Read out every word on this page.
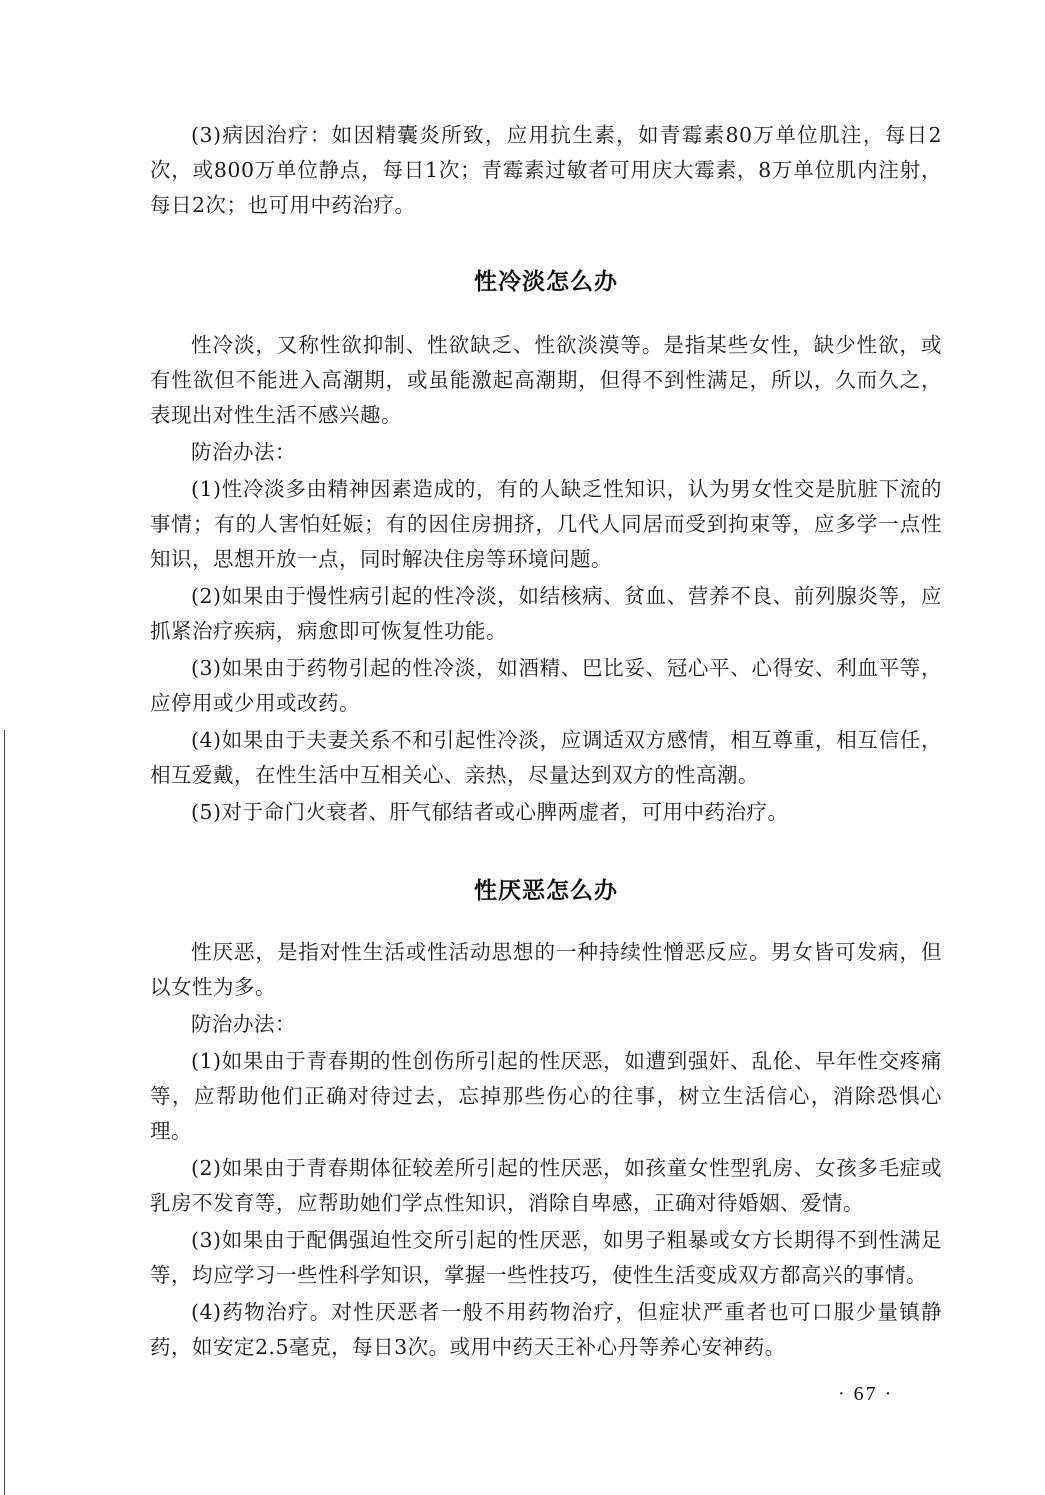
(3)病因治疗：如因精囊炎所致，应用抗生素，如青霉素80万单位肌注，每日2次，或800万单位静点，每日1次；青霉素过敏者可用庆大霉素，8万单位肌内注射，每日2次；也可用中药治疗。

性冷淡怎么办

性冷淡，又称性欲抑制、性欲缺乏、性欲淡漠等。是指某些女性，缺少性欲，或有性欲但不能进入高潮期，或虽能激起高潮期，但得不到性满足，所以，久而久之，表现出对性生活不感兴趣。

防治办法：

(1)性冷淡多由精神因素造成的，有的人缺乏性知识，认为男女性交是肮脏下流的事情；有的人害怕妊娠；有的因住房拥挤，几代人同居而受到拘束等，应多学一点性知识，思想开放一点，同时解决住房等环境问题。

(2)如果由于慢性病引起的性冷淡，如结核病、贫血、营养不良、前列腺炎等，应抓紧治疗疾病，病愈即可恢复性功能。

(3)如果由于药物引起的性冷淡，如酒精、巴比妥、冠心平、心得安、利血平等，应停用或少用或改药。

(4)如果由于夫妻关系不和引起性冷淡，应调适双方感情，相互尊重，相互信任，相互爱戴，在性生活中互相关心、亲热，尽量达到双方的性高潮。

(5)对于命门火衰者、肝气郁结者或心脾两虚者，可用中药治疗。

性厌恶怎么办

性厌恶，是指对性生活或性活动思想的一种持续性憎恶反应。男女皆可发病，但以女性为多。

防治办法：

(1)如果由于青春期的性创伤所引起的性厌恶，如遭到强奸、乱伦、早年性交疼痛等，应帮助他们正确对待过去，忘掉那些伤心的往事，树立生活信心，消除恐惧心理。

(2)如果由于青春期体征较差所引起的性厌恶，如孩童女性型乳房、女孩多毛症或乳房不发育等，应帮助她们学点性知识，消除自卑感，正确对待婚姻、爱情。

(3)如果由于配偶强迫性交所引起的性厌恶，如男子粗暴或女方长期得不到性满足等，均应学习一些性科学知识，掌握一些性技巧，使性生活变成双方都高兴的事情。

(4)药物治疗。对性厌恶者一般不用药物治疗，但症状严重者也可口服少量镇静药，如安定2.5毫克，每日3次。或用中药天王补心丹等养心安神药。

· 67 ·
